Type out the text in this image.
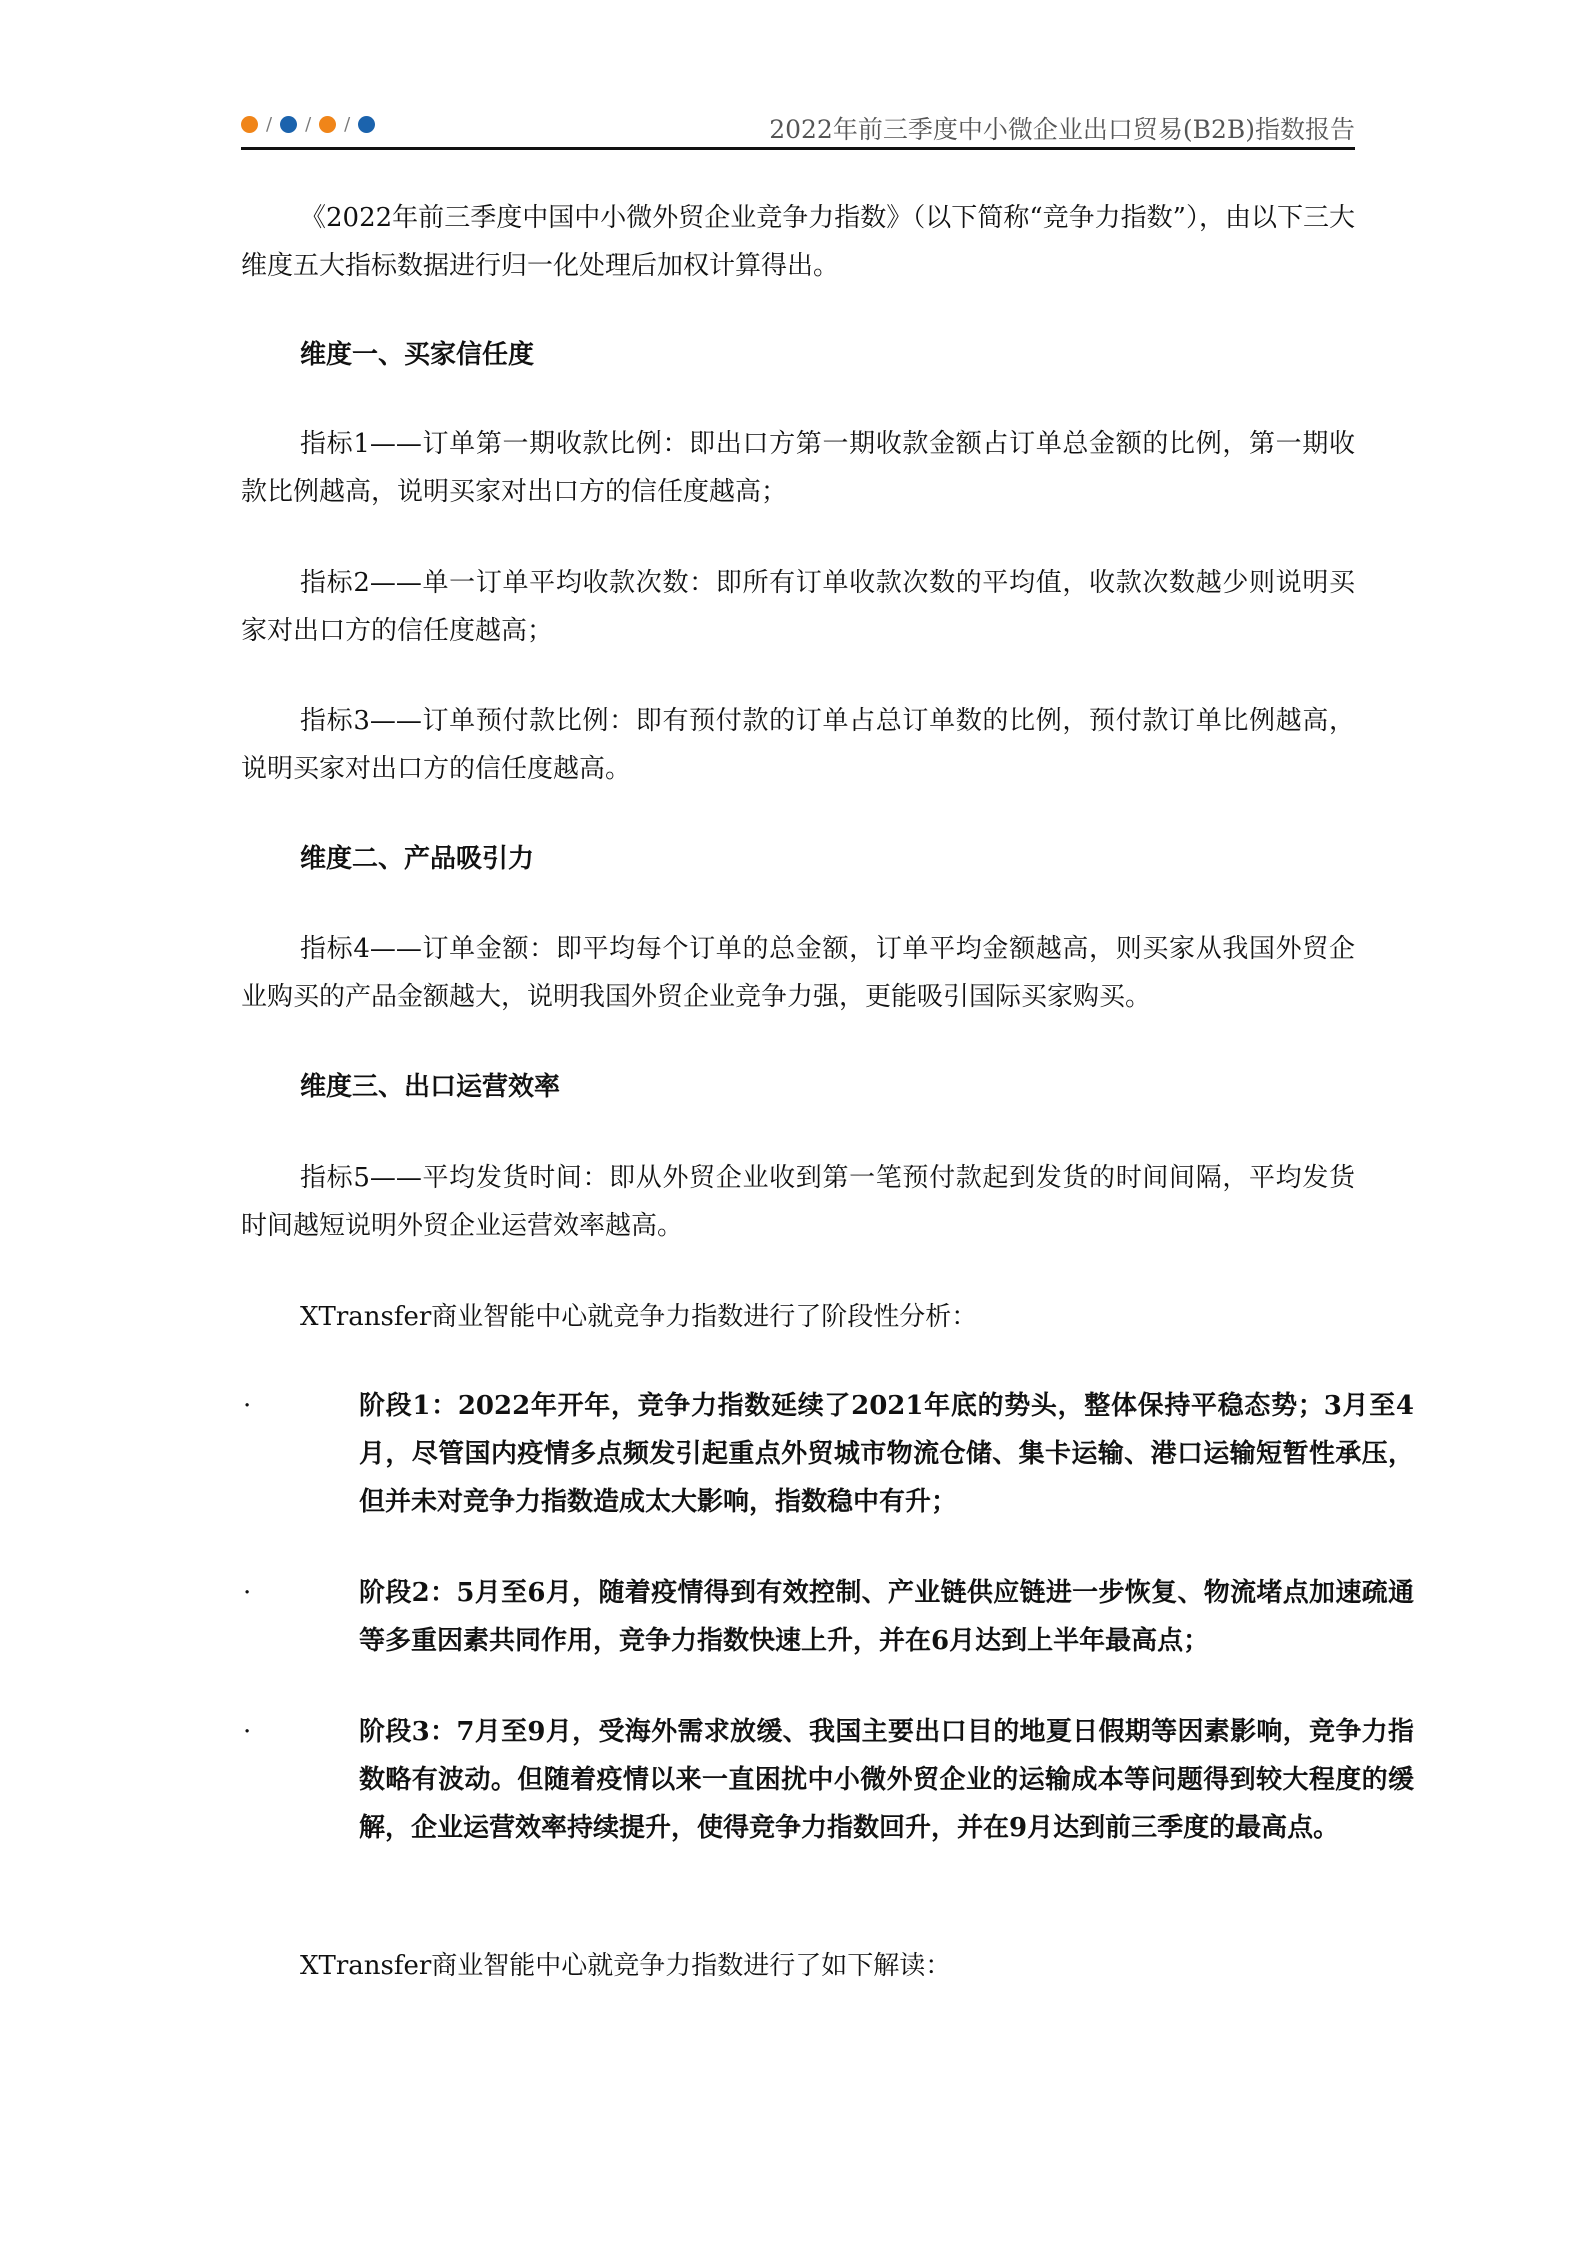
/ / /	2022年前三季度中小微企业出口贸易(B2B)指数报告
《2022年前三季度中国中小微外贸企业竞争力指数》（以下简称“竞争力指数”），由以下三大维度五大指标数据进行归一化处理后加权计算得出。
维度一、买家信任度
指标1——订单第一期收款比例：即出口方第一期收款金额占订单总金额的比例，第一期收款比例越高，说明买家对出口方的信任度越高；
指标2——单一订单平均收款次数：即所有订单收款次数的平均值，收款次数越少则说明买家对出口方的信任度越高；
指标3——订单预付款比例：即有预付款的订单占总订单数的比例，预付款订单比例越高，说明买家对出口方的信任度越高。
维度二、产品吸引力
指标4——订单金额：即平均每个订单的总金额，订单平均金额越高，则买家从我国外贸企业购买的产品金额越大，说明我国外贸企业竞争力强，更能吸引国际买家购买。
维度三、出口运营效率
指标5——平均发货时间：即从外贸企业收到第一笔预付款起到发货的时间间隔，平均发货时间越短说明外贸企业运营效率越高。
XTransfer商业智能中心就竞争力指数进行了阶段性分析：
·	阶段1：2022年开年，竞争力指数延续了2021年底的势头，整体保持平稳态势；3月至4月，尽管国内疫情多点频发引起重点外贸城市物流仓储、集卡运输、港口运输短暂性承压，但并未对竞争力指数造成太大影响，指数稳中有升；
·	阶段2：5月至6月，随着疫情得到有效控制、产业链供应链进一步恢复、物流堵点加速疏通等多重因素共同作用，竞争力指数快速上升，并在6月达到上半年最高点；
·	阶段3：7月至9月，受海外需求放缓、我国主要出口目的地夏日假期等因素影响，竞争力指数略有波动。但随着疫情以来一直困扰中小微外贸企业的运输成本等问题得到较大程度的缓解，企业运营效率持续提升，使得竞争力指数回升，并在9月达到前三季度的最高点。
XTransfer商业智能中心就竞争力指数进行了如下解读：
